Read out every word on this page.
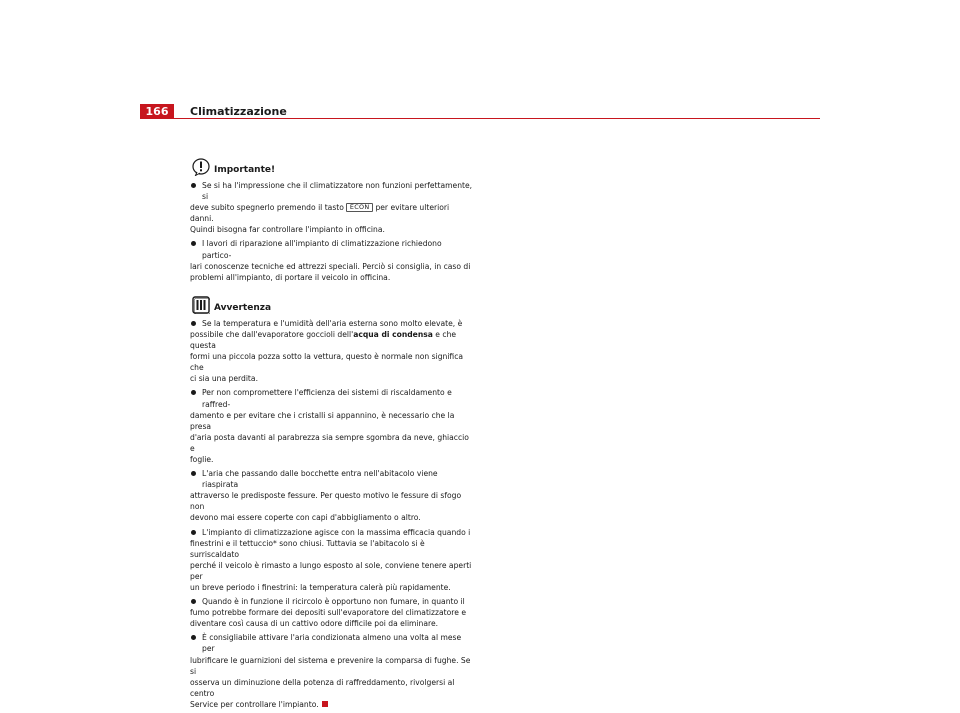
166	Climatizzazione
Importante!
Se si ha l'impressione che il climatizzatore non funzioni perfettamente, si
deve subito spegnerlo premendo il tasto ECON per evitare ulteriori danni.
Quindi bisogna far controllare l'impianto in officina.
I lavori di riparazione all'impianto di climatizzazione richiedono partico-
lari conoscenze tecniche ed attrezzi speciali. Perciò si consiglia, in caso di
problemi all'impianto, di portare il veicolo in officina.
Avvertenza
Se la temperatura e l'umidità dell'aria esterna sono molto elevate, è
possibile che dall'evaporatore goccioli dell'acqua di condensa e che questa
formi una piccola pozza sotto la vettura, questo è normale non significa che
ci sia una perdita.
Per non compromettere l'efficienza dei sistemi di riscaldamento e raffred-
damento e per evitare che i cristalli si appannino, è necessario che la presa
d'aria posta davanti al parabrezza sia sempre sgombra da neve, ghiaccio e
foglie.
L'aria che passando dalle bocchette entra nell'abitacolo viene riaspirata
attraverso le predisposte fessure. Per questo motivo le fessure di sfogo non
devono mai essere coperte con capi d'abbigliamento o altro.
L'impianto di climatizzazione agisce con la massima efficacia quando i
finestrini e il tettuccio* sono chiusi. Tuttavia se l'abitacolo si è surriscaldato
perché il veicolo è rimasto a lungo esposto al sole, conviene tenere aperti per
un breve periodo i finestrini: la temperatura calerà più rapidamente.
Quando è in funzione il ricircolo è opportuno non fumare, in quanto il
fumo potrebbe formare dei depositi sull'evaporatore del climatizzatore e
diventare così causa di un cattivo odore difficile poi da eliminare.
È consigliabile attivare l'aria condizionata almeno una volta al mese per
lubrificare le guarnizioni del sistema e prevenire la comparsa di fughe. Se si
osserva un diminuzione della potenza di raffreddamento, rivolgersi al centro
Service per controllare l'impianto.
